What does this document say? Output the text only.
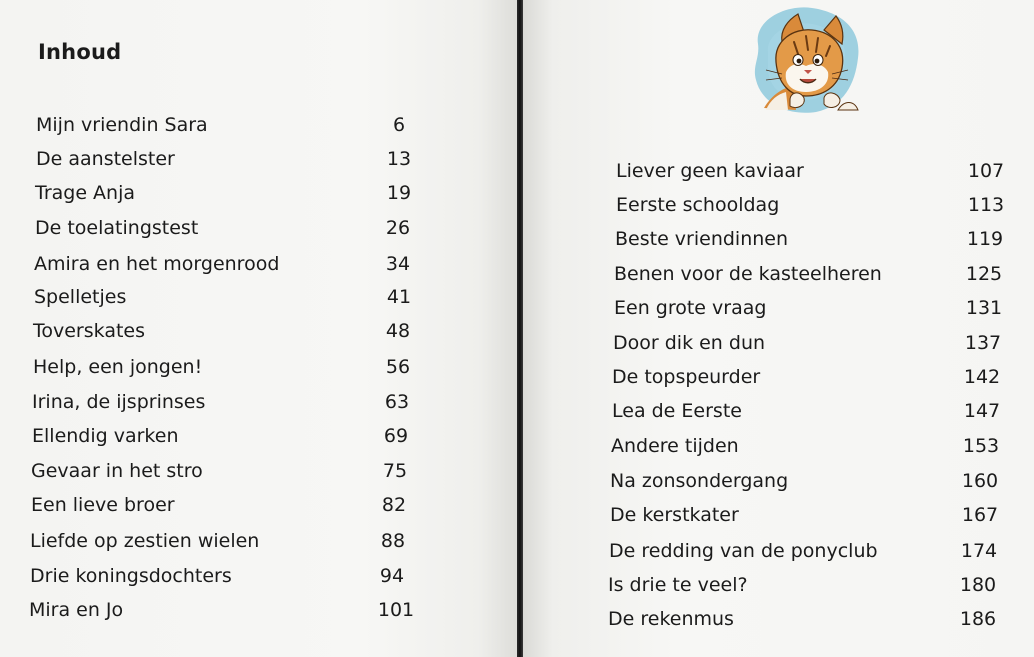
Inhoud
Mijn vriendin Sara	6
De aanstelster	13
Trage Anja	19
De toelatingstest	26
Amira en het morgenrood	34
Spelletjes	41
Toverskates	48
Help, een jongen!	56
Irina, de ijsprinses	63
Ellendig varken	69
Gevaar in het stro	75
Een lieve broer	82
Liefde op zestien wielen	88
Drie koningsdochters	94
Mira en Jo	101
Liever geen kaviaar	107
Eerste schooldag	113
Beste vriendinnen	119
Benen voor de kasteelheren	125
Een grote vraag	131
Door dik en dun	137
De topspeurder	142
Lea de Eerste	147
Andere tijden	153
Na zonsondergang	160
De kerstkater	167
De redding van de ponyclub	174
Is drie te veel?	180
De rekenmus	186
